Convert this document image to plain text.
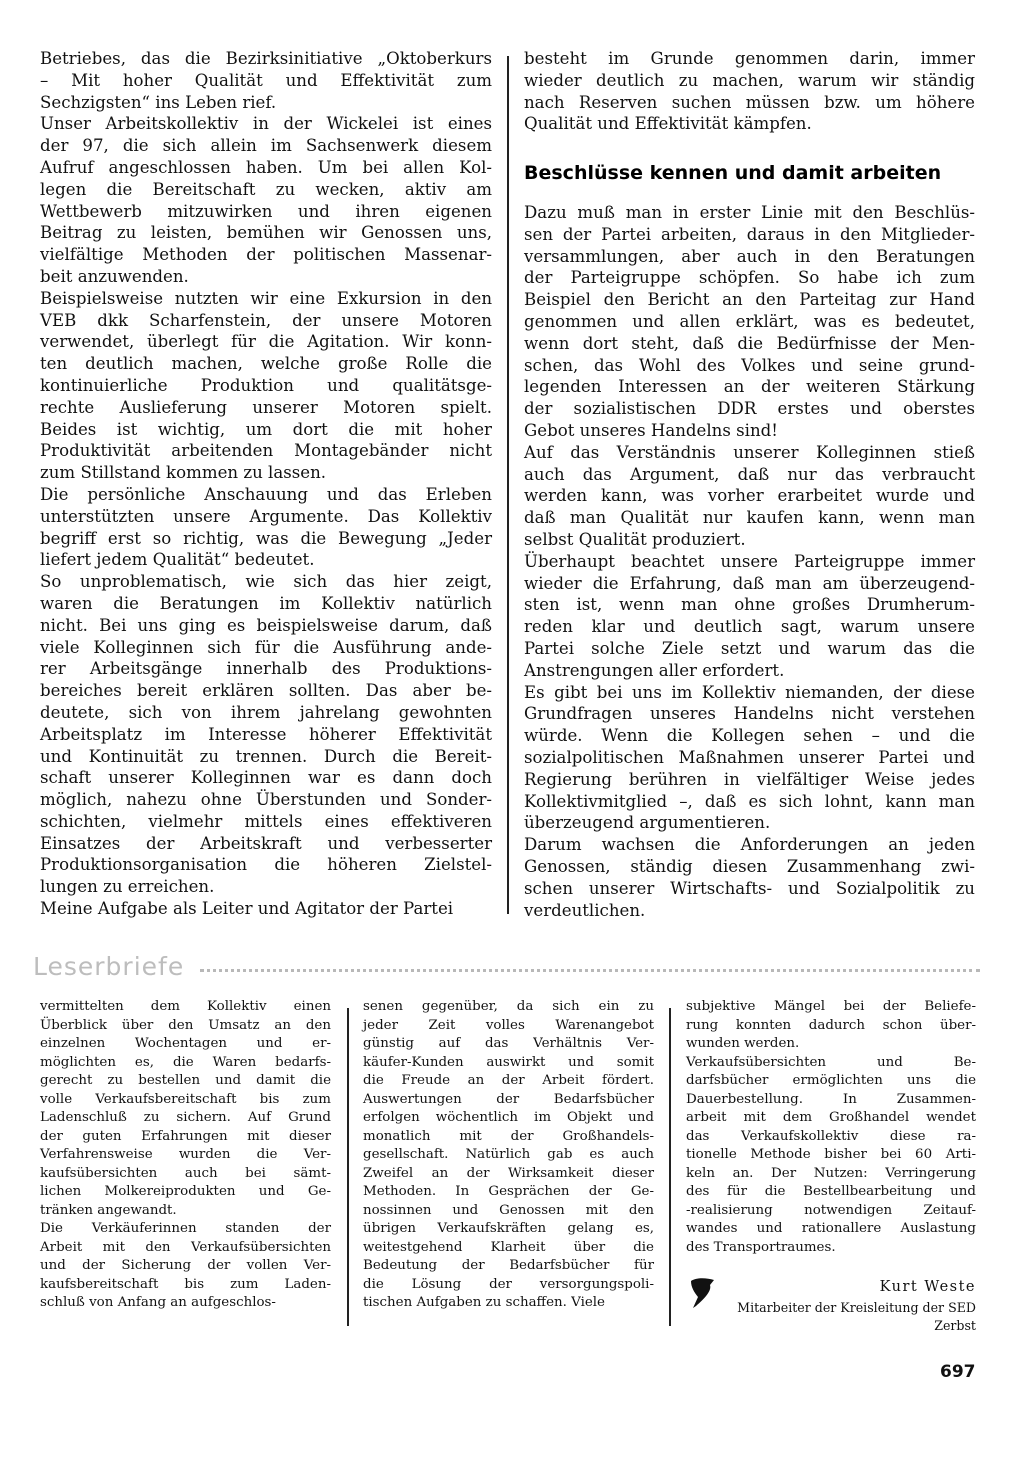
Betriebes, das die Bezirksinitiative „Oktoberkurs
– Mit hoher Qualität und Effektivität zum
Sechzigsten“ ins Leben rief.
Unser Arbeitskollektiv in der Wickelei ist eines
der 97, die sich allein im Sachsenwerk diesem
Aufruf angeschlossen haben. Um bei allen Kol-
legen die Bereitschaft zu wecken, aktiv am
Wettbewerb mitzuwirken und ihren eigenen
Beitrag zu leisten, bemühen wir Genossen uns,
vielfältige Methoden der politischen Massenar-
beit anzuwenden.
Beispielsweise nutzten wir eine Exkursion in den
VEB dkk Scharfenstein, der unsere Motoren
verwendet, überlegt für die Agitation. Wir konn-
ten deutlich machen, welche große Rolle die
kontinuierliche Produktion und qualitätsge-
rechte Auslieferung unserer Motoren spielt.
Beides ist wichtig, um dort die mit hoher
Produktivität arbeitenden Montagebänder nicht
zum Stillstand kommen zu lassen.
Die persönliche Anschauung und das Erleben
unterstützten unsere Argumente. Das Kollektiv
begriff erst so richtig, was die Bewegung „Jeder
liefert jedem Qualität“ bedeutet.
So unproblematisch, wie sich das hier zeigt,
waren die Beratungen im Kollektiv natürlich
nicht. Bei uns ging es beispielsweise darum, daß
viele Kolleginnen sich für die Ausführung ande-
rer Arbeitsgänge innerhalb des Produktions-
bereiches bereit erklären sollten. Das aber be-
deutete, sich von ihrem jahrelang gewohnten
Arbeitsplatz im Interesse höherer Effektivität
und Kontinuität zu trennen. Durch die Bereit-
schaft unserer Kolleginnen war es dann doch
möglich, nahezu ohne Überstunden und Sonder-
schichten, vielmehr mittels eines effektiveren
Einsatzes der Arbeitskraft und verbesserter
Produktionsorganisation die höheren Zielstel-
lungen zu erreichen.
Meine Aufgabe als Leiter und Agitator der Partei
besteht im Grunde genommen darin, immer
wieder deutlich zu machen, warum wir ständig
nach Reserven suchen müssen bzw. um höhere
Qualität und Effektivität kämpfen.
Beschlüsse kennen und damit arbeiten
Dazu muß man in erster Linie mit den Beschlüs-
sen der Partei arbeiten, daraus in den Mitglieder-
versammlungen, aber auch in den Beratungen
der Parteigruppe schöpfen. So habe ich zum
Beispiel den Bericht an den Parteitag zur Hand
genommen und allen erklärt, was es bedeutet,
wenn dort steht, daß die Bedürfnisse der Men-
schen, das Wohl des Volkes und seine grund-
legenden Interessen an der weiteren Stärkung
der sozialistischen DDR erstes und oberstes
Gebot unseres Handelns sind!
Auf das Verständnis unserer Kolleginnen stieß
auch das Argument, daß nur das verbraucht
werden kann, was vorher erarbeitet wurde und
daß man Qualität nur kaufen kann, wenn man
selbst Qualität produziert.
Überhaupt beachtet unsere Parteigruppe immer
wieder die Erfahrung, daß man am überzeugend-
sten ist, wenn man ohne großes Drumherum-
reden klar und deutlich sagt, warum unsere
Partei solche Ziele setzt und warum das die
Anstrengungen aller erfordert.
Es gibt bei uns im Kollektiv niemanden, der diese
Grundfragen unseres Handelns nicht verstehen
würde. Wenn die Kollegen sehen – und die
sozialpolitischen Maßnahmen unserer Partei und
Regierung berühren in vielfältiger Weise jedes
Kollektivmitglied –, daß es sich lohnt, kann man
überzeugend argumentieren.
Darum wachsen die Anforderungen an jeden
Genossen, ständig diesen Zusammenhang zwi-
schen unserer Wirtschafts- und Sozialpolitik zu
verdeutlichen.
Leserbriefe
vermittelten dem Kollektiv einen
Überblick über den Umsatz an den
einzelnen Wochentagen und er-
möglichten es, die Waren bedarfs-
gerecht zu bestellen und damit die
volle Verkaufsbereitschaft bis zum
Ladenschluß zu sichern. Auf Grund
der guten Erfahrungen mit dieser
Verfahrensweise wurden die Ver-
kaufsübersichten auch bei sämt-
lichen Molkereiprodukten und Ge-
tränken angewandt.
Die Verkäuferinnen standen der
Arbeit mit den Verkaufsübersichten
und der Sicherung der vollen Ver-
kaufsbereitschaft bis zum Laden-
schluß von Anfang an aufgeschlos-
senen gegenüber, da sich ein zu
jeder Zeit volles Warenangebot
günstig auf das Verhältnis Ver-
käufer-Kunden auswirkt und somit
die Freude an der Arbeit fördert.
Auswertungen der Bedarfsbücher
erfolgen wöchentlich im Objekt und
monatlich mit der Großhandels-
gesellschaft. Natürlich gab es auch
Zweifel an der Wirksamkeit dieser
Methoden. In Gesprächen der Ge-
nossinnen und Genossen mit den
übrigen Verkaufskräften gelang es,
weitestgehend Klarheit über die
Bedeutung der Bedarfsbücher für
die Lösung der versorgungspoli-
tischen Aufgaben zu schaffen. Viele
subjektive Mängel bei der Beliefe-
rung konnten dadurch schon über-
wunden werden.
Verkaufsübersichten und Be-
darfsbücher ermöglichten uns die
Dauerbestellung. In Zusammen-
arbeit mit dem Großhandel wendet
das Verkaufskollektiv diese ra-
tionelle Methode bisher bei 60 Arti-
keln an. Der Nutzen: Verringerung
des für die Bestellbearbeitung und
-realisierung notwendigen Zeitauf-
wandes und rationallere Auslastung
des Transportraumes.
Kurt Weste
Mitarbeiter der Kreisleitung der SED
Zerbst
697
